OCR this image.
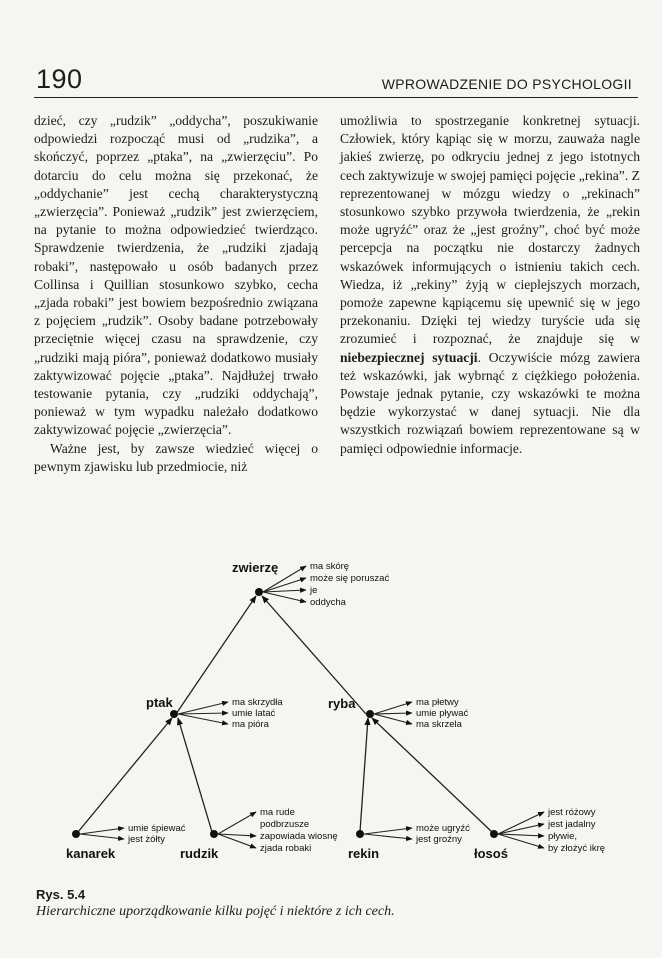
190	WPROWADZENIE DO PSYCHOLOGII

dzieć, czy „rudzik” „oddycha”, poszukiwanie odpowiedzi rozpocząć musi od „rudzika”, a skończyć, poprzez „ptaka”, na „zwierzęciu”. Po dotarciu do celu można się przekonać, że „oddychanie” jest cechą charakterystyczną „zwierzęcia”. Ponieważ „rudzik” jest zwierzęciem, na pytanie to można odpowiedzieć twierdząco. Sprawdzenie twierdzenia, że „rudziki zjadają robaki”, następowało u osób badanych przez Collinsa i Quillian stosunkowo szybko, cecha „zjada robaki” jest bowiem bezpośrednio związana z pojęciem „rudzik”. Osoby badane potrzebowały przeciętnie więcej czasu na sprawdzenie, czy „rudziki mają pióra”, ponieważ dodatkowo musiały zaktywizować pojęcie „ptaka”. Najdłużej trwało testowanie pytania, czy „rudziki oddychają”, ponieważ w tym wypadku należało dodatkowo zaktywizować pojęcie „zwierzęcia”.

Ważne jest, by zawsze wiedzieć więcej o pewnym zjawisku lub przedmiocie, niż

umożliwia to spostrzeganie konkretnej sytuacji. Człowiek, który kąpiąc się w morzu, zauważa nagle jakieś zwierzę, po odkryciu jednej z jego istotnych cech zaktywizuje w swojej pamięci pojęcie „rekina”. Z reprezentowanej w mózgu wiedzy o „rekinach” stosunkowo szybko przywoła twierdzenia, że „rekin może ugryźć” oraz że „jest groźny”, choć być może percepcja na początku nie dostarczy żadnych wskazówek informujących o istnieniu takich cech. Wiedza, iż „rekiny” żyją w cieplejszych morzach, pomoże zapewne kąpiącemu się upewnić się w jego przekonaniu. Dzięki tej wiedzy turyście uda się zrozumieć i rozpoznać, że znajduje się w niebezpiecznej sytuacji. Oczywiście mózg zawiera też wskazówki, jak wybrnąć z ciężkiego położenia. Powstaje jednak pytanie, czy wskazówki te można będzie wykorzystać w danej sytuacji. Nie dla wszystkich rozwiązań bowiem reprezentowane są w pamięci odpowiednie informacje.

zwierzę
ptak	ryba
kanarek	rudzik	rekin	łosoś
ma skórę
może się poruszać
je
oddycha
ma skrzydła
umie latać
ma pióra
ma płetwy
umie pływać
ma skrzela
umie śpiewać
jest żółty
ma rude
podbrzusze
zapowiada wiosnę
zjada robaki
może ugryźć
jest groźny
jest różowy
jest jadalny
pływie,
by złożyć ikrę
Rys. 5.4
Hierarchiczne uporządkowanie kilku pojęć i niektóre z ich cech.
